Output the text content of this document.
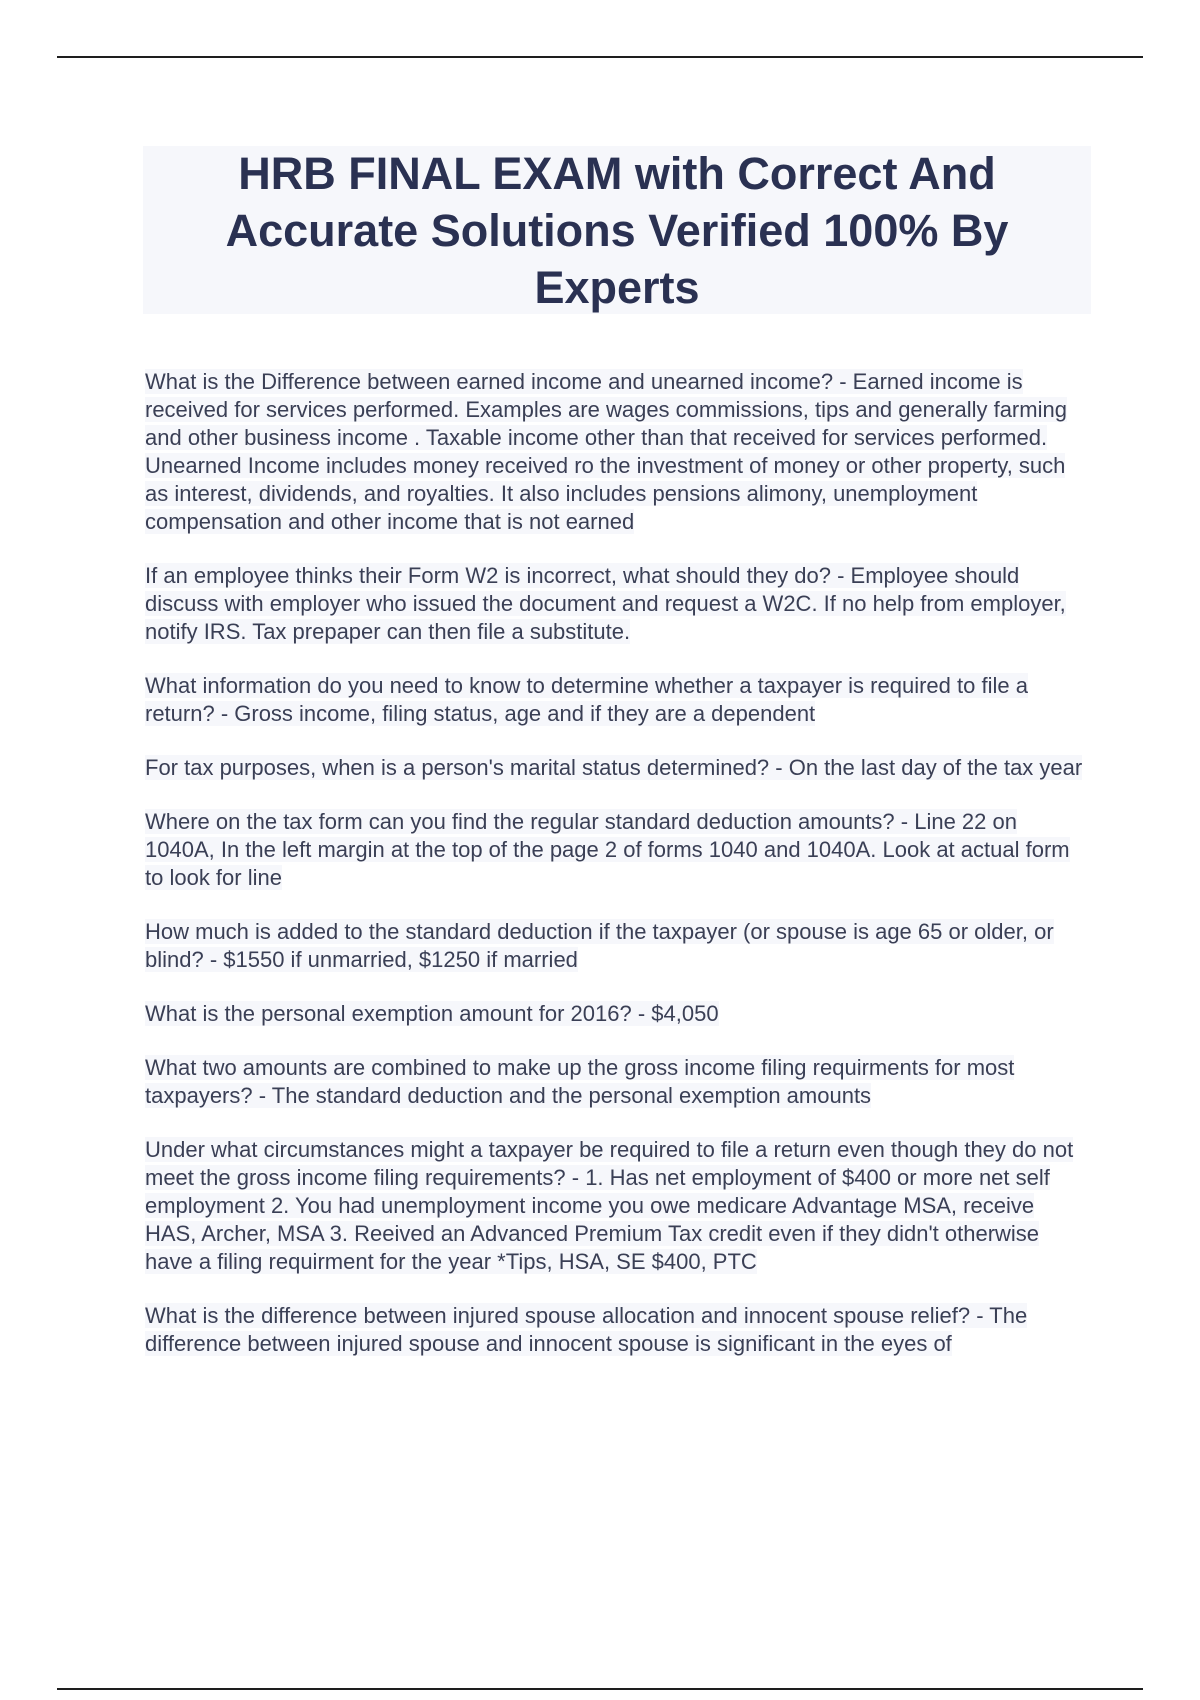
HRB FINAL EXAM with Correct And Accurate Solutions Verified 100% By Experts

What is the Difference between earned income and unearned income? - Earned income is received for services performed. Examples are wages commissions, tips and generally farming and other business income . Taxable income other than that received for services performed. Unearned Income includes money received ro the investment of money or other property, such as interest, dividends, and royalties. It also includes pensions alimony, unemployment compensation and other income that is not earned

If an employee thinks their Form W2 is incorrect, what should they do? - Employee should discuss with employer who issued the document and request a W2C. If no help from employer, notify IRS. Tax prepaper can then file a substitute.

What information do you need to know to determine whether a taxpayer is required to file a return? - Gross income, filing status, age and if they are a dependent

For tax purposes, when is a person's marital status determined? - On the last day of the tax year

Where on the tax form can you find the regular standard deduction amounts? - Line 22 on 1040A, In the left margin at the top of the page 2 of forms 1040 and 1040A. Look at actual form to look for line

How much is added to the standard deduction if the taxpayer (or spouse is age 65 or older, or blind? - $1550 if unmarried, $1250 if married

What is the personal exemption amount for 2016? - $4,050

What two amounts are combined to make up the gross income filing requirments for most taxpayers? - The standard deduction and the personal exemption amounts

Under what circumstances might a taxpayer be required to file a return even though they do not meet the gross income filing requirements? - 1. Has net employment of $400 or more net self employment 2. You had unemployment income you owe medicare Advantage MSA, receive HAS, Archer, MSA 3. Reeived an Advanced Premium Tax credit even if they didn't otherwise have a filing requirment for the year *Tips, HSA, SE $400, PTC

What is the difference between injured spouse allocation and innocent spouse relief? - The difference between injured spouse and innocent spouse is significant in the eyes of
